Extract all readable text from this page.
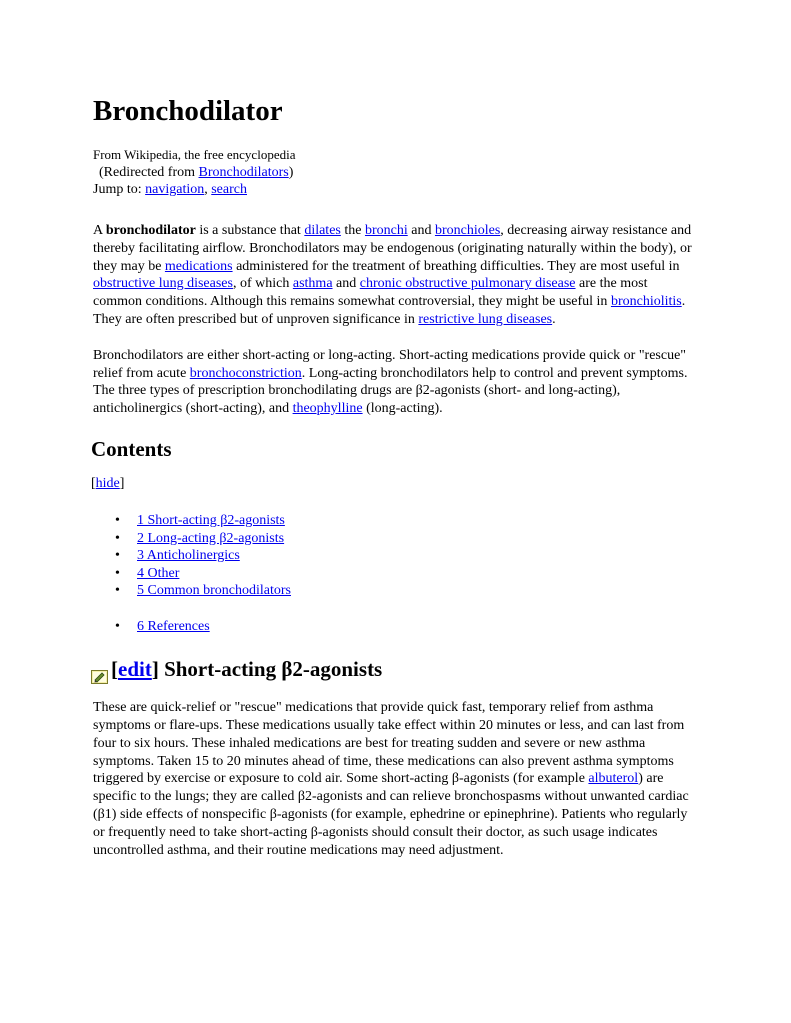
Bronchodilator
From Wikipedia, the free encyclopedia
(Redirected from Bronchodilators)
Jump to: navigation, search

A bronchodilator is a substance that dilates the bronchi and bronchioles, decreasing airway resistance and thereby facilitating airflow. Bronchodilators may be endogenous (originating naturally within the body), or they may be medications administered for the treatment of breathing difficulties. They are most useful in obstructive lung diseases, of which asthma and chronic obstructive pulmonary disease are the most common conditions. Although this remains somewhat controversial, they might be useful in bronchiolitis. They are often prescribed but of unproven significance in restrictive lung diseases.

Bronchodilators are either short-acting or long-acting. Short-acting medications provide quick or "rescue" relief from acute bronchoconstriction. Long-acting bronchodilators help to control and prevent symptoms. The three types of prescription bronchodilating drugs are β2-agonists (short- and long-acting), anticholinergics (short-acting), and theophylline (long-acting).

Contents
[hide]
• 1 Short-acting β2-agonists
• 2 Long-acting β2-agonists
• 3 Anticholinergics
• 4 Other
• 5 Common bronchodilators
• 6 References
[ edit ] Short-acting β2-agonists

These are quick-relief or "rescue" medications that provide quick fast, temporary relief from asthma symptoms or flare-ups. These medications usually take effect within 20 minutes or less, and can last from four to six hours. These inhaled medications are best for treating sudden and severe or new asthma symptoms. Taken 15 to 20 minutes ahead of time, these medications can also prevent asthma symptoms triggered by exercise or exposure to cold air. Some short-acting β-agonists (for example albuterol) are specific to the lungs; they are called β2-agonists and can relieve bronchospasms without unwanted cardiac (β1) side effects of nonspecific β-agonists (for example, ephedrine or epinephrine). Patients who regularly or frequently need to take short-acting β-agonists should consult their doctor, as such usage indicates uncontrolled asthma, and their routine medications may need adjustment.
